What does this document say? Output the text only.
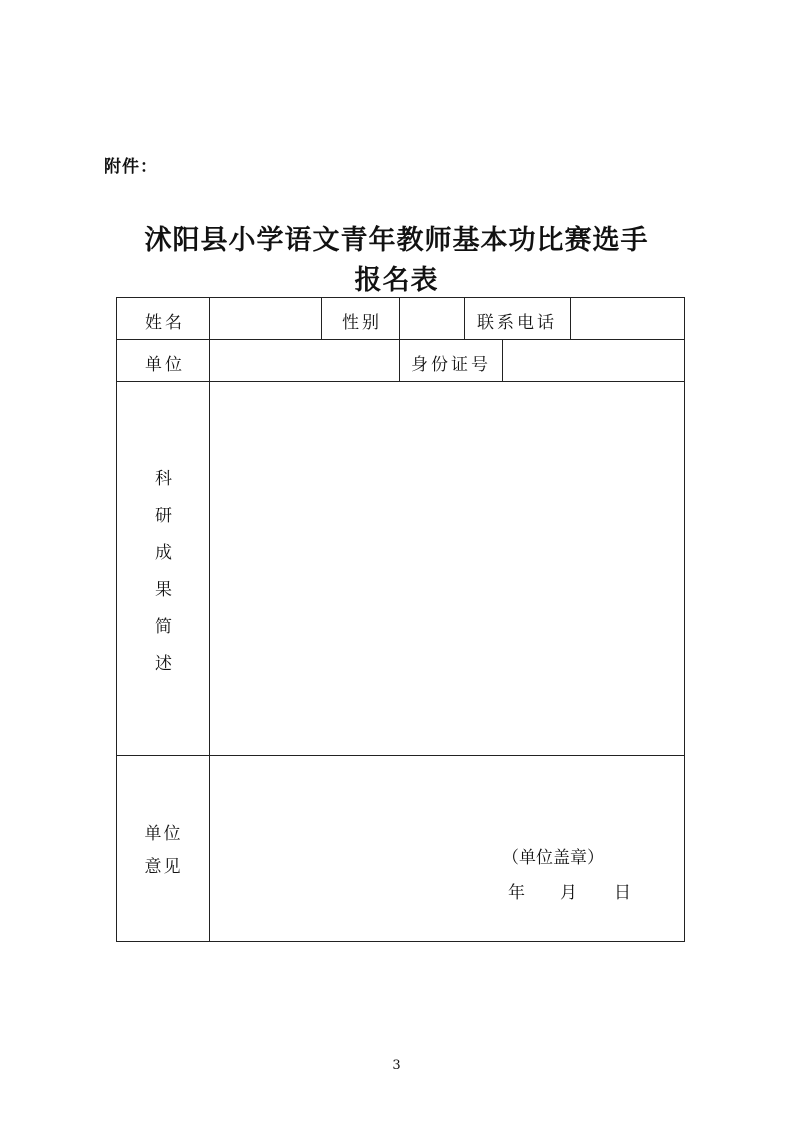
附件：
沭阳县小学语文青年教师基本功比赛选手
报名表
姓名	性别	联系电话
单位	身份证号
科
研
成
果
简
述
单位
意见	（单位盖章）
年 月 日
3
